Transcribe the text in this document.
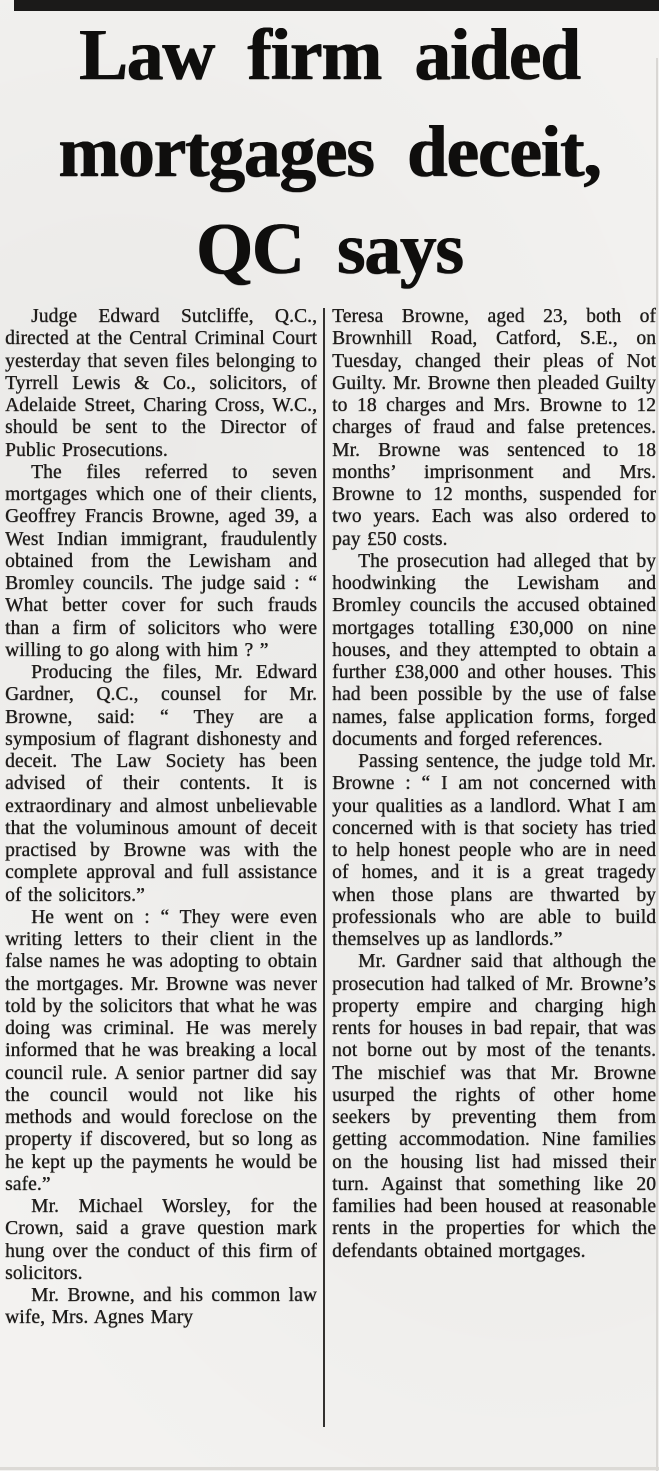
Law firm aided
mortgages deceit,
QC says

Judge Edward Sutcliffe, Q.C., directed at the Central Criminal Court yesterday that seven files belonging to Tyrrell Lewis & Co., solicitors, of Adelaide Street, Charing Cross, W.C., should be sent to the Director of Public Prosecutions.

The files referred to seven mortgages which one of their clients, Geoffrey Francis Browne, aged 39, a West Indian immigrant, fraudulently obtained from the Lewisham and Bromley councils. The judge said : “ What better cover for such frauds than a firm of solicitors who were willing to go along with him ? ”

Producing the files, Mr. Edward Gardner, Q.C., counsel for Mr. Browne, said: “ They are a symposium of flagrant dishonesty and deceit. The Law Society has been advised of their contents. It is extraordinary and almost unbelievable that the voluminous amount of deceit practised by Browne was with the complete approval and full assistance of the solicitors.”

He went on : “ They were even writing letters to their client in the false names he was adopting to obtain the mortgages. Mr. Browne was never told by the solicitors that what he was doing was criminal. He was merely informed that he was breaking a local council rule. A senior partner did say the council would not like his methods and would foreclose on the property if discovered, but so long as he kept up the payments he would be safe.”

Mr. Michael Worsley, for the Crown, said a grave question mark hung over the conduct of this firm of solicitors.

Mr. Browne, and his common law wife, Mrs. Agnes Mary

Teresa Browne, aged 23, both of Brownhill Road, Catford, S.E., on Tuesday, changed their pleas of Not Guilty. Mr. Browne then pleaded Guilty to 18 charges and Mrs. Browne to 12 charges of fraud and false pretences. Mr. Browne was sentenced to 18 months’ imprisonment and Mrs. Browne to 12 months, suspended for two years. Each was also ordered to pay £50 costs.

The prosecution had alleged that by hoodwinking the Lewisham and Bromley councils the accused obtained mortgages totalling £30,000 on nine houses, and they attempted to obtain a further £38,000 and other houses. This had been possible by the use of false names, false application forms, forged documents and forged references.

Passing sentence, the judge told Mr. Browne : “ I am not concerned with your qualities as a landlord. What I am concerned with is that society has tried to help honest people who are in need of homes, and it is a great tragedy when those plans are thwarted by professionals who are able to build themselves up as landlords.”

Mr. Gardner said that although the prosecution had talked of Mr. Browne’s property empire and charging high rents for houses in bad repair, that was not borne out by most of the tenants. The mischief was that Mr. Browne usurped the rights of other home seekers by preventing them from getting accommodation. Nine families on the housing list had missed their turn. Against that something like 20 families had been housed at reasonable rents in the properties for which the defendants obtained mortgages.
